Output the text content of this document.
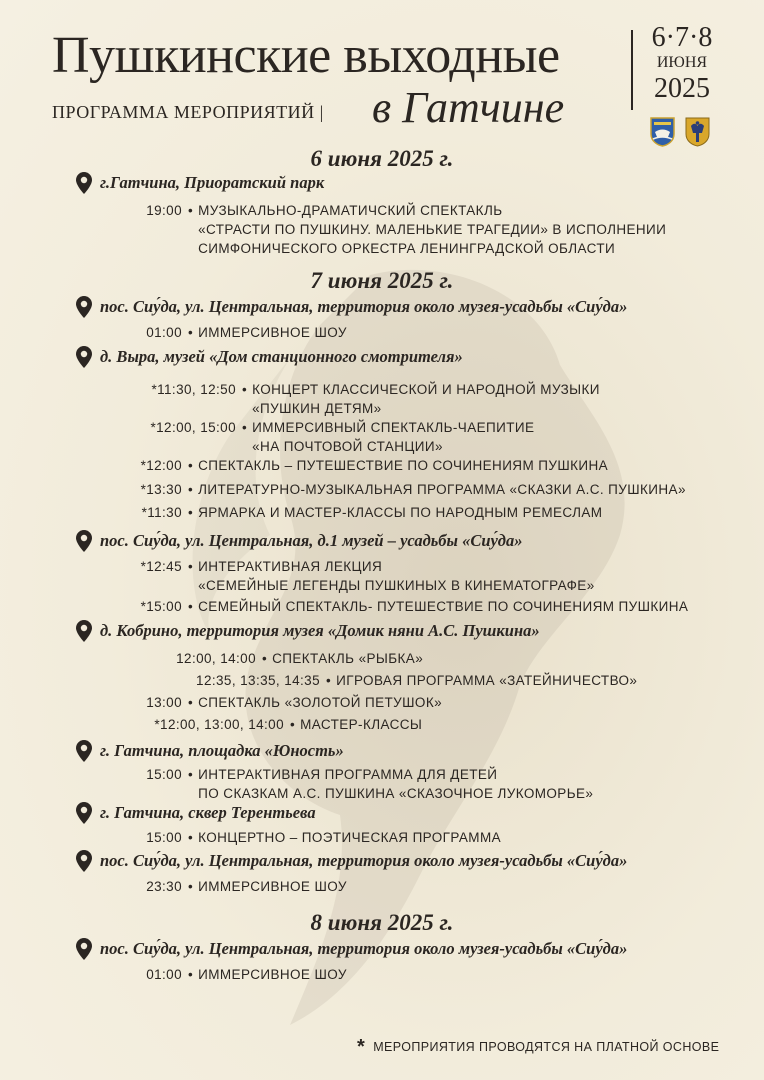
Пушкинские выходные
ПРОГРАММА МЕРОПРИЯТИЙ | в Гатчине
6·7·8
ИЮНЯ
2025
6 июня 2025 г.
г.Гатчина, Приоратский парк
19:00 • МУЗЫКАЛЬНО-ДРАМАТИЧСКИЙ СПЕКТАКЛЬ
«СТРАСТИ ПО ПУШКИНУ. МАЛЕНЬКИЕ ТРАГЕДИИ» В ИСПОЛНЕНИИ
СИМФОНИЧЕСКОГО ОРКЕСТРА ЛЕНИНГРАДСКОЙ ОБЛАСТИ
7 июня 2025 г.
пос. Сиу́да, ул. Центральная, территория около музея-усадьбы «Сиу́да»
01:00 • ИММЕРСИВНОЕ ШОУ
д. Выра, музей «Дом станционного смотрителя»
*11:30, 12:50 • КОНЦЕРТ КЛАССИЧЕСКОЙ И НАРОДНОЙ МУЗЫКИ
«ПУШКИН ДЕТЯМ»
*12:00, 15:00 • ИММЕРСИВНЫЙ СПЕКТАКЛЬ-ЧАЕПИТИЕ
«НА ПОЧТОВОЙ СТАНЦИИ»
*12:00 • СПЕКТАКЛЬ – ПУТЕШЕСТВИЕ ПО СОЧИНЕНИЯМ ПУШКИНА
*13:30 • ЛИТЕРАТУРНО-МУЗЫКАЛЬНАЯ ПРОГРАММА «СКАЗКИ А.С. ПУШКИНА»
*11:30 • ЯРМАРКА И МАСТЕР-КЛАССЫ ПО НАРОДНЫМ РЕМЕСЛАМ
пос. Сиу́да, ул. Центральная, д.1 музей – усадьбы «Сиу́да»
*12:45 • ИНТЕРАКТИВНАЯ ЛЕКЦИЯ
«СЕМЕЙНЫЕ ЛЕГЕНДЫ ПУШКИНЫХ В КИНЕМАТОГРАФЕ»
*15:00 • СЕМЕЙНЫЙ СПЕКТАКЛЬ- ПУТЕШЕСТВИЕ ПО СОЧИНЕНИЯМ ПУШКИНА
д. Кобрино, территория музея «Домик няни А.С. Пушкина»
12:00, 14:00 • СПЕКТАКЛЬ «РЫБКА»
12:35, 13:35, 14:35 • ИГРОВАЯ ПРОГРАММА «ЗАТЕЙНИЧЕСТВО»
13:00 • СПЕКТАКЛЬ «ЗОЛОТОЙ ПЕТУШОК»
*12:00, 13:00, 14:00 • МАСТЕР-КЛАССЫ
г. Гатчина, площадка «Юность»
15:00 • ИНТЕРАКТИВНАЯ ПРОГРАММА ДЛЯ ДЕТЕЙ
ПО СКАЗКАМ А.С. ПУШКИНА «СКАЗОЧНОЕ ЛУКОМОРЬЕ»
г. Гатчина, сквер Терентьева
15:00 • КОНЦЕРТНО – ПОЭТИЧЕСКАЯ ПРОГРАММА
пос. Сиу́да, ул. Центральная, территория около музея-усадьбы «Сиу́да»
23:30 • ИММЕРСИВНОЕ ШОУ
8 июня 2025 г.
пос. Сиу́да, ул. Центральная, территория около музея-усадьбы «Сиу́да»
01:00 • ИММЕРСИВНОЕ ШОУ
* МЕРОПРИЯТИЯ ПРОВОДЯТСЯ НА ПЛАТНОЙ ОСНОВЕ
